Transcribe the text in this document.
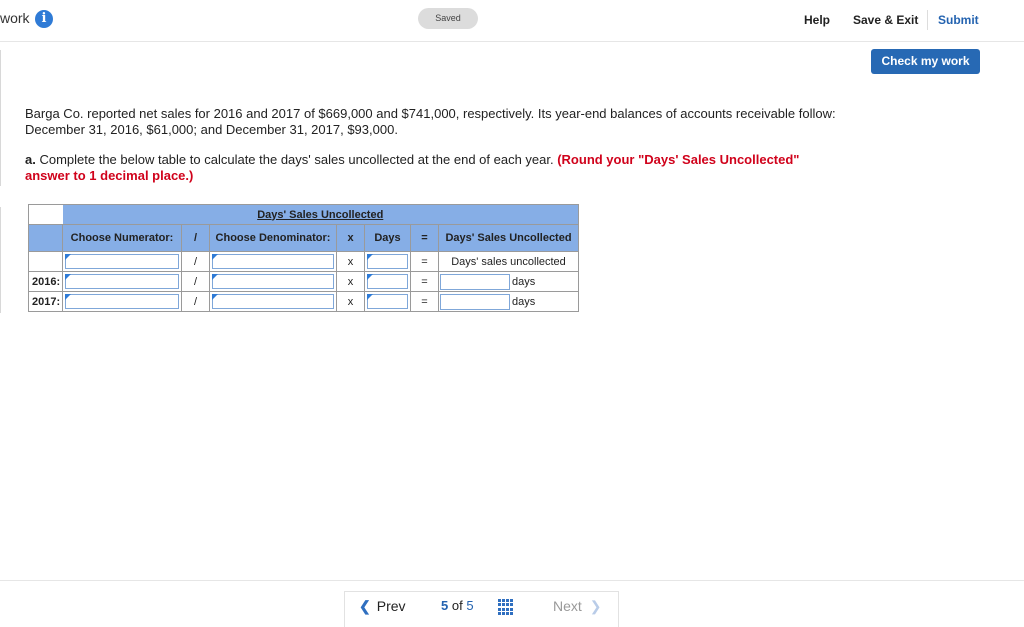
work i	Saved	Help Save & Exit Submit
Check my work

Barga Co. reported net sales for 2016 and 2017 of $669,000 and $741,000, respectively. Its year-end balances of accounts receivable follow: December 31, 2016, $61,000; and December 31, 2017, $93,000.

a. Complete the below table to calculate the days' sales uncollected at the end of each year. (Round your "Days' Sales Uncollected" answer to 1 decimal place.)

	Days' Sales Uncollected						
	Choose Numerator:	/	Choose Denominator:	x	Days	=	Days' Sales Uncollected

	/		x		=	Days' sales uncollected
2016:		/		x		=	days

2017:		/		x		=	days
❮ Prev	5 of 5	Next ❯
